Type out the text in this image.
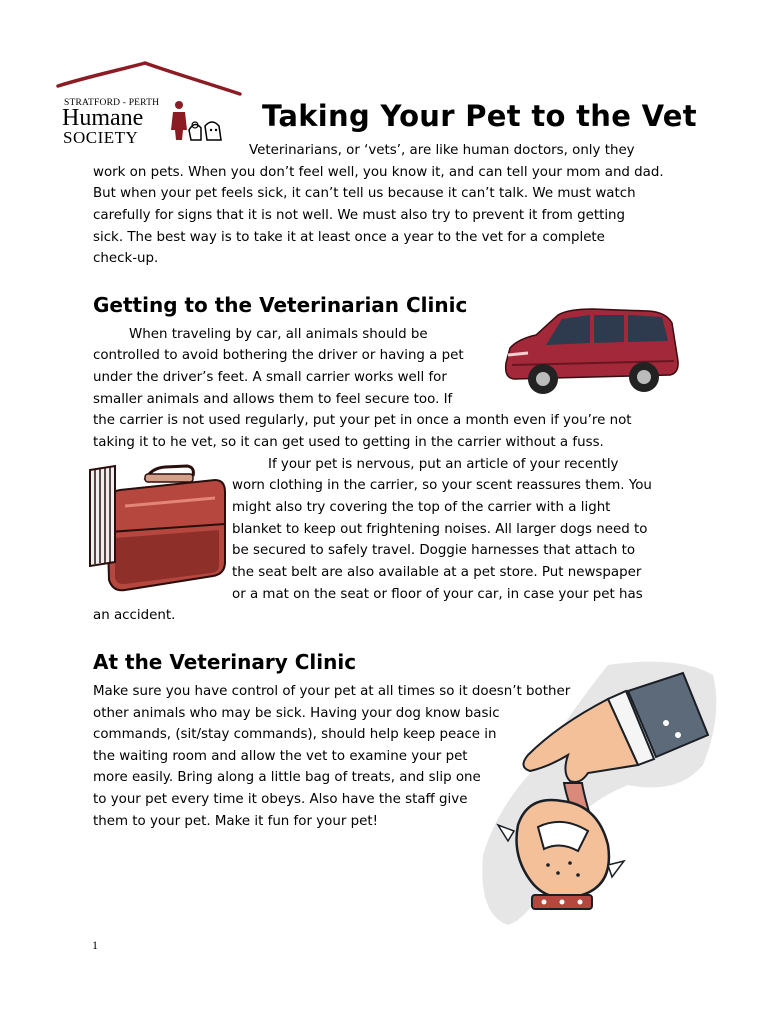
STRATFORD - PERTH
Humane
SOCIETY
Taking Your Pet to the Vet
Veterinarians, or ‘vets’, are like human doctors, only they
work on pets. When you don’t feel well, you know it, and can tell your mom and dad.
But when your pet feels sick, it can’t tell us because it can’t talk. We must watch
carefully for signs that it is not well. We must also try to prevent it from getting
sick. The best way is to take it at least once a year to the vet for a complete
check-up.
Getting to the Veterinarian Clinic
When traveling by car, all animals should be
controlled to avoid bothering the driver or having a pet
under the driver’s feet. A small carrier works well for
smaller animals and allows them to feel secure too. If
the carrier is not used regularly, put your pet in once a month even if you’re not
taking it to he vet, so it can get used to getting in the carrier without a fuss.
If your pet is nervous, put an article of your recently
worn clothing in the carrier, so your scent reassures them. You
might also try covering the top of the carrier with a light
blanket to keep out frightening noises. All larger dogs need to
be secured to safely travel. Doggie harnesses that attach to
the seat belt are also available at a pet store. Put newspaper
or a mat on the seat or floor of your car, in case your pet has
an accident.
At the Veterinary Clinic
Make sure you have control of your pet at all times so it doesn’t bother
other animals who may be sick. Having your dog know basic
commands, (sit/stay commands), should help keep peace in
the waiting room and allow the vet to examine your pet
more easily. Bring along a little bag of treats, and slip one
to your pet every time it obeys. Also have the staff give
them to your pet. Make it fun for your pet!
1
